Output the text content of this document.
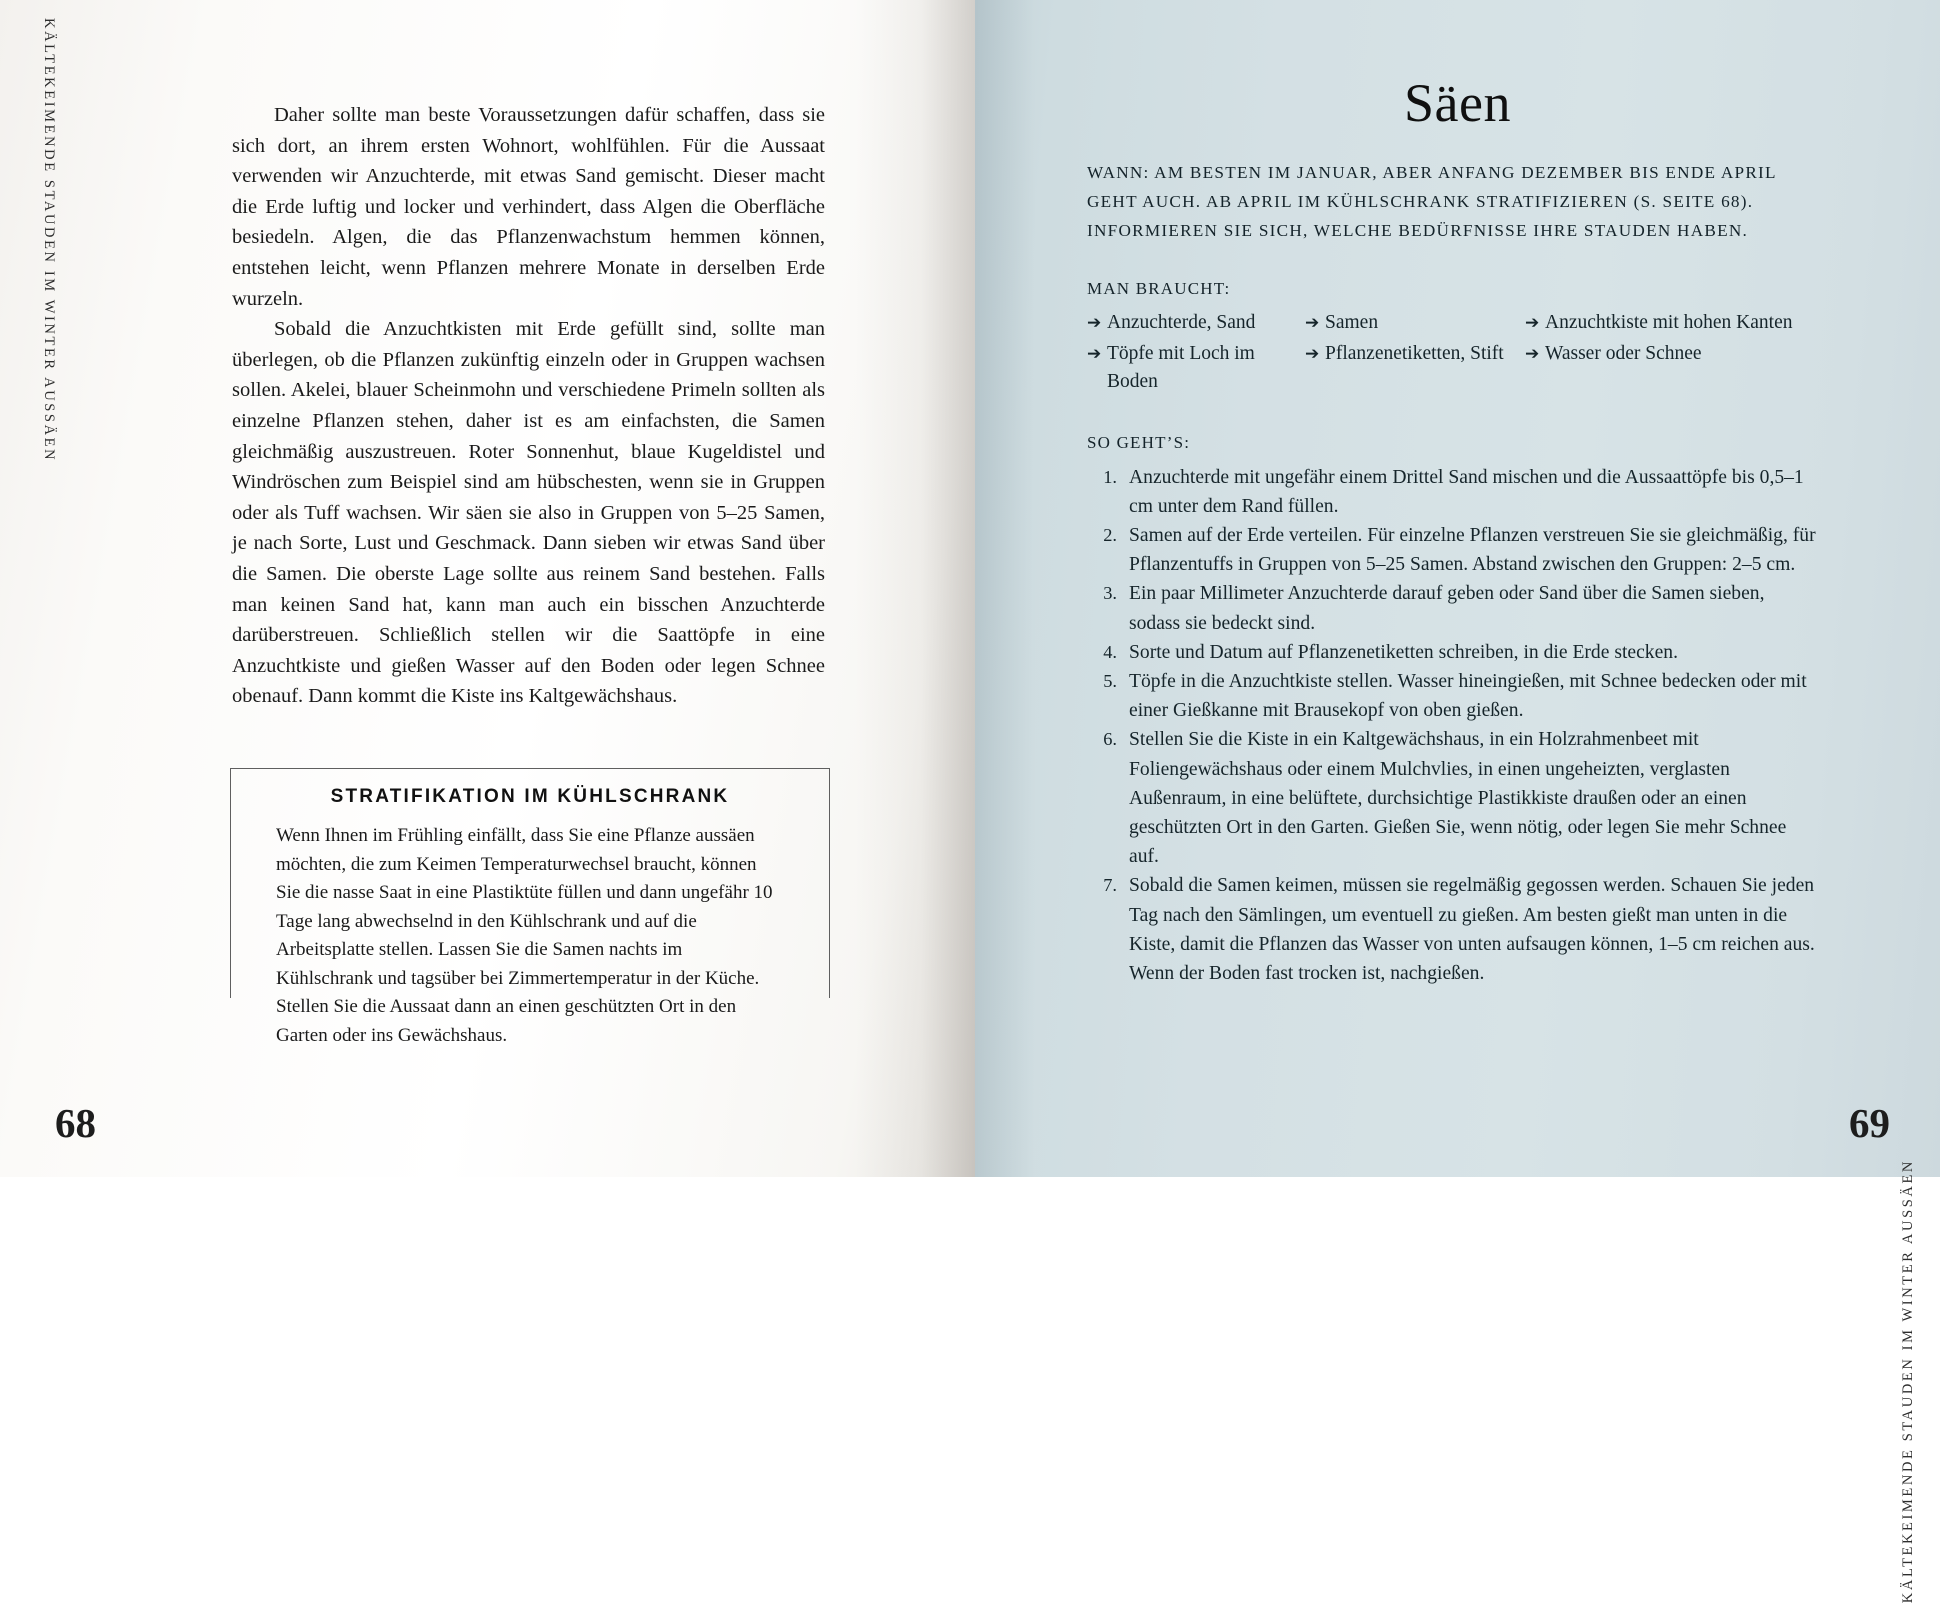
KÄLTEKEIMENDE STAUDEN IM WINTER AUSSÄEN	Daher sollte man beste Voraussetzungen dafür schaffen, dass sie sich dort, an ihrem ersten Wohnort, wohlfühlen. Für die Aussaat verwenden wir Anzuchterde, mit etwas Sand gemischt. Dieser macht die Erde luftig und locker und verhindert, dass Algen die Oberfläche besiedeln. Algen, die das Pflanzenwachstum hemmen können, entstehen leicht, wenn Pflanzen mehrere Monate in derselben Erde wurzeln.

Sobald die Anzuchtkisten mit Erde gefüllt sind, sollte man überlegen, ob die Pflanzen zukünftig einzeln oder in Gruppen wachsen sollen. Akelei, blauer Scheinmohn und verschiedene Primeln sollten als einzelne Pflanzen stehen, daher ist es am einfachsten, die Samen gleichmäßig auszustreuen. Roter Sonnenhut, blaue Kugeldistel und Windröschen zum Beispiel sind am hübschesten, wenn sie in Gruppen oder als Tuff wachsen. Wir säen sie also in Gruppen von 5–25 Samen, je nach Sorte, Lust und Geschmack. Dann sieben wir etwas Sand über die Samen. Die oberste Lage sollte aus reinem Sand bestehen. Falls man keinen Sand hat, kann man auch ein bisschen Anzuchterde darüberstreuen. Schließlich stellen wir die Saattöpfe in eine Anzuchtkiste und gießen Wasser auf den Boden oder legen Schnee obenauf. Dann kommt die Kiste ins Kaltgewächshaus.

STRATIFIKATION IM KÜHLSCHRANK

Wenn Ihnen im Frühling einfällt, dass Sie eine Pflanze aussäen möchten, die zum Keimen Temperaturwechsel braucht, können Sie die nasse Saat in eine Plastiktüte füllen und dann ungefähr 10 Tage lang abwechselnd in den Kühlschrank und auf die Arbeitsplatte stellen. Lassen Sie die Samen nachts im Kühlschrank und tagsüber bei Zimmertemperatur in der Küche. Stellen Sie die Aussaat dann an einen geschützten Ort in den Garten oder ins Gewächshaus.

68
KÄLTEKEIMENDE STAUDEN IM WINTER AUSSÄEN
Säen

WANN: AM BESTEN IM JANUAR, ABER ANFANG DEZEMBER BIS ENDE APRIL GEHT AUCH. AB APRIL IM KÜHLSCHRANK STRATIFIZIEREN (S. SEITE 68). INFORMIEREN SIE SICH, WELCHE BEDÜRFNISSE IHRE STAUDEN HABEN.

MAN BRAUCHT:
➔ Anzuchterde, Sand
➔ Töpfe mit Loch im Boden
➔ Samen
➔ Pflanzenetiketten, Stift
➔ Anzuchtkiste mit hohen Kanten
➔ Wasser oder Schnee
SO GEHT’S:
1. Anzuchterde mit ungefähr einem Drittel Sand mischen und die Aussaattöpfe bis 0,5–1 cm unter dem Rand füllen.
2. Samen auf der Erde verteilen. Für einzelne Pflanzen verstreuen Sie sie gleichmäßig, für Pflanzentuffs in Gruppen von 5–25 Samen. Abstand zwischen den Gruppen: 2–5 cm.
3. Ein paar Millimeter Anzuchterde darauf geben oder Sand über die Samen sieben, sodass sie bedeckt sind.
4. Sorte und Datum auf Pflanzenetiketten schreiben, in die Erde stecken.
5. Töpfe in die Anzuchtkiste stellen. Wasser hineingießen, mit Schnee bedecken oder mit einer Gießkanne mit Brausekopf von oben gießen.
6. Stellen Sie die Kiste in ein Kaltgewächshaus, in ein Holzrahmenbeet mit Foliengewächshaus oder einem Mulchvlies, in einen ungeheizten, verglasten Außenraum, in eine belüftete, durchsichtige Plastikkiste draußen oder an einen geschützten Ort in den Garten. Gießen Sie, wenn nötig, oder legen Sie mehr Schnee auf.
7. Sobald die Samen keimen, müssen sie regelmäßig gegossen werden. Schauen Sie jeden Tag nach den Sämlingen, um eventuell zu gießen. Am besten gießt man unten in die Kiste, damit die Pflanzen das Wasser von unten aufsaugen können, 1–5 cm reichen aus. Wenn der Boden fast trocken ist, nachgießen.
69
